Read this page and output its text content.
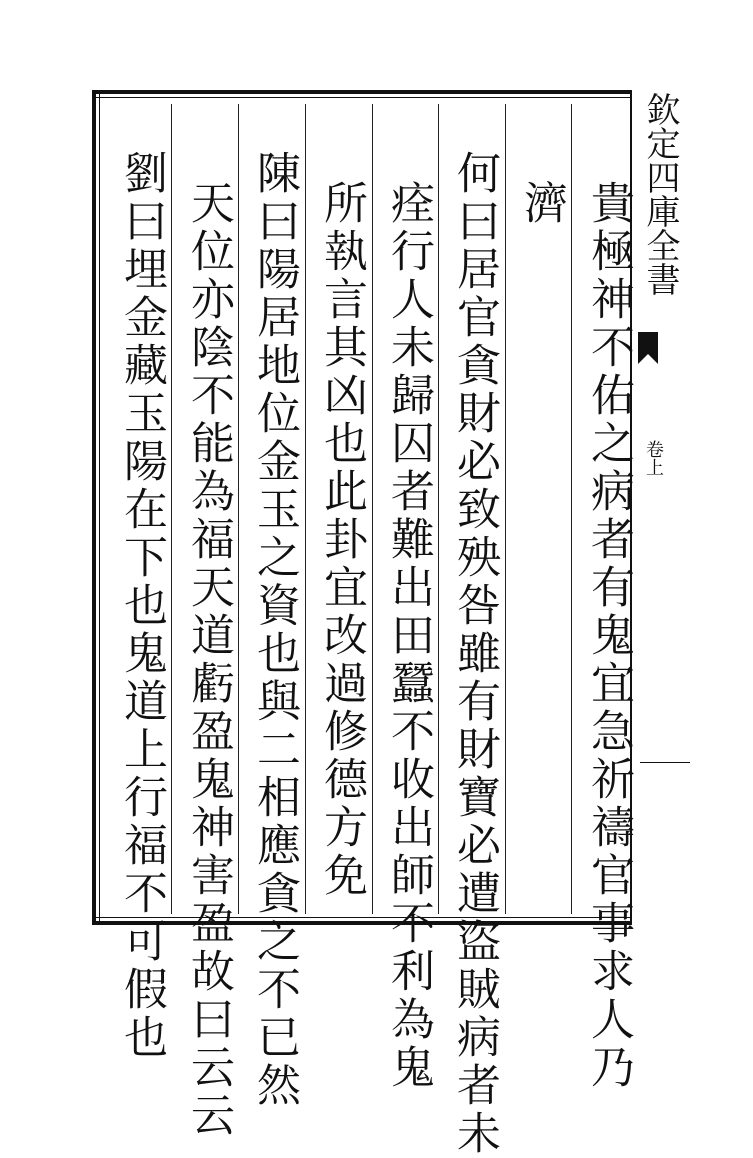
貴極神不佑之病者有鬼宜急祈禱官事求人乃
濟
何曰居官貪財必致殃咎雖有財寶必遭盜賊病者未
痊行人未歸囚者難出田蠶不收出師不利為鬼
所執言其凶也此卦宜改過修德方免
陳曰陽居地位金玉之資也與二相應貪之不已然
天位亦陰不能為福天道虧盈鬼神害盈故曰云云
劉曰埋金藏玉陽在下也鬼道上行福不可假也	欽定四庫全書
卷上
